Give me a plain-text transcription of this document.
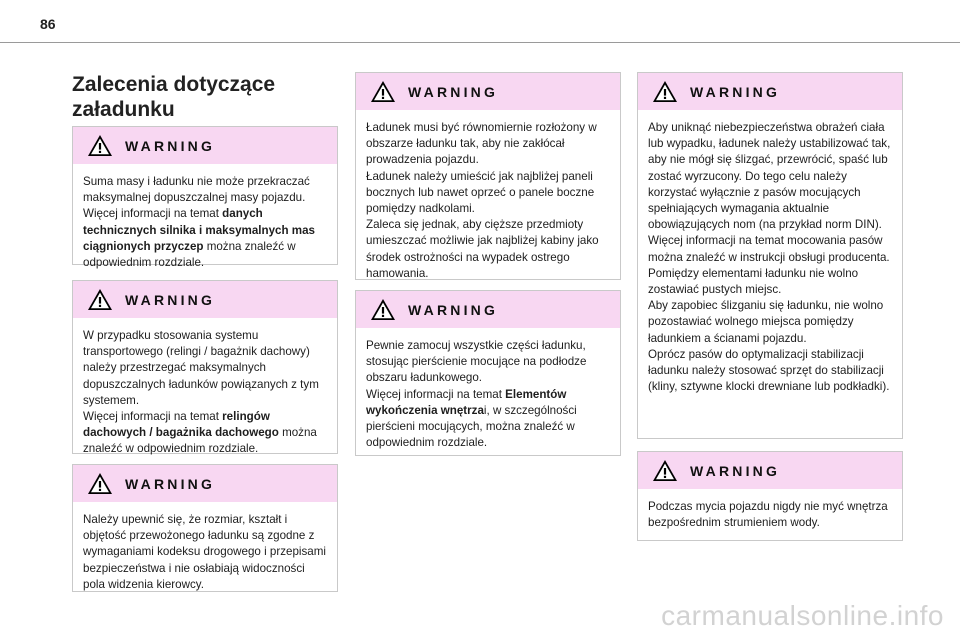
86
Zalecenia dotyczące załadunku
WARNING

Suma masy i ładunku nie może przekraczać maksymalnej dopuszczalnej masy pojazdu.

Więcej informacji na temat danych technicznych silnika i maksymalnych mas ciągnionych przyczep można znaleźć w odpowiednim rozdziale.

WARNING

W przypadku stosowania systemu transportowego (relingi / bagażnik dachowy) należy przestrzegać maksymalnych dopuszczalnych ładunków powiązanych z tym systemem.

Więcej informacji na temat relingów dachowych / bagażnika dachowego można znaleźć w odpowiednim rozdziale.

WARNING

Należy upewnić się, że rozmiar, kształt i objętość przewożonego ładunku są zgodne z wymaganiami kodeksu drogowego i przepisami bezpieczeństwa i nie osłabiają widoczności pola widzenia kierowcy.

WARNING

Ładunek musi być równomiernie rozłożony w obszarze ładunku tak, aby nie zakłócał prowadzenia pojazdu.

Ładunek należy umieścić jak najbliżej paneli bocznych lub nawet oprzeć o panele boczne pomiędzy nadkolami.

Zaleca się jednak, aby cięższe przedmioty umieszczać możliwie jak najbliżej kabiny jako środek ostrożności na wypadek ostrego hamowania.

WARNING

Pewnie zamocuj wszystkie części ładunku, stosując pierścienie mocujące na podłodze obszaru ładunkowego.

Więcej informacji na temat Elementów wykończenia wnętrzai, w szczególności pierścieni mocujących, można znaleźć w odpowiednim rozdziale.

WARNING

Aby uniknąć niebezpieczeństwa obrażeń ciała lub wypadku, ładunek należy ustabilizować tak, aby nie mógł się ślizgać, przewrócić, spaść lub zostać wyrzucony. Do tego celu należy korzystać wyłącznie z pasów mocujących spełniających wymagania aktualnie obowiązujących nom (na przykład norm DIN).

Więcej informacji na temat mocowania pasów można znaleźć w instrukcji obsługi producenta.

Pomiędzy elementami ładunku nie wolno zostawiać pustych miejsc.

Aby zapobiec ślizganiu się ładunku, nie wolno pozostawiać wolnego miejsca pomiędzy ładunkiem a ścianami pojazdu.

Oprócz pasów do optymalizacji stabilizacji ładunku należy stosować sprzęt do stabilizacji (kliny, sztywne klocki drewniane lub podkładki).

WARNING

Podczas mycia pojazdu nigdy nie myć wnętrza bezpośrednim strumieniem wody.

carmanualsonline.info
